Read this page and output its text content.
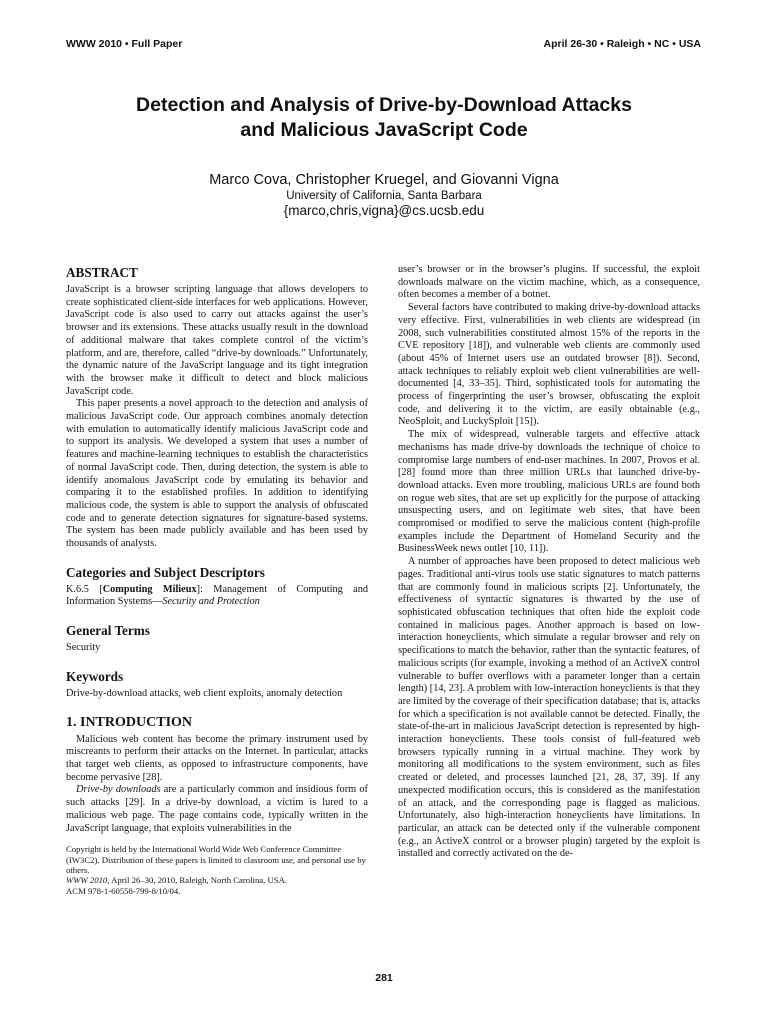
WWW 2010 • Full Paper	April 26-30 • Raleigh • NC • USA
Detection and Analysis of Drive-by-Download Attacks
and Malicious JavaScript Code
Marco Cova, Christopher Kruegel, and Giovanni Vigna
University of California, Santa Barbara
{marco,chris,vigna}@cs.ucsb.edu
ABSTRACT

JavaScript is a browser scripting language that allows developers to create sophisticated client-side interfaces for web applications. However, JavaScript code is also used to carry out attacks against the user’s browser and its extensions. These attacks usually result in the download of additional malware that takes complete control of the victim’s platform, and are, therefore, called “drive-by downloads.” Unfortunately, the dynamic nature of the JavaScript language and its tight integration with the browser make it difficult to detect and block malicious JavaScript code.

This paper presents a novel approach to the detection and analysis of malicious JavaScript code. Our approach combines anomaly detection with emulation to automatically identify malicious JavaScript code and to support its analysis. We developed a system that uses a number of features and machine-learning techniques to establish the characteristics of normal JavaScript code. Then, during detection, the system is able to identify anomalous JavaScript code by emulating its behavior and comparing it to the established profiles. In addition to identifying malicious code, the system is able to support the analysis of obfuscated code and to generate detection signatures for signature-based systems. The system has been made publicly available and has been used by thousands of analysts.

Categories and Subject Descriptors

K.6.5 [Computing Milieux]: Management of Computing and Information Systems—Security and Protection

General Terms

Security

Keywords

Drive-by-download attacks, web client exploits, anomaly detection

1. INTRODUCTION

Malicious web content has become the primary instrument used by miscreants to perform their attacks on the Internet. In particular, attacks that target web clients, as opposed to infrastructure components, have become pervasive [28].

Drive-by downloads are a particularly common and insidious form of such attacks [29]. In a drive-by download, a victim is lured to a malicious web page. The page contains code, typically written in the JavaScript language, that exploits vulnerabilities in the

Copyright is held by the International World Wide Web Conference Committee (IW3C2). Distribution of these papers is limited to classroom use, and personal use by others.
WWW 2010, April 26–30, 2010, Raleigh, North Carolina, USA.
ACM 978-1-60558-799-8/10/04.

user’s browser or in the browser’s plugins. If successful, the exploit downloads malware on the victim machine, which, as a consequence, often becomes a member of a botnet.

Several factors have contributed to making drive-by-download attacks very effective. First, vulnerabilities in web clients are widespread (in 2008, such vulnerabilities constituted almost 15% of the reports in the CVE repository [18]), and vulnerable web clients are commonly used (about 45% of Internet users use an outdated browser [8]). Second, attack techniques to reliably exploit web client vulnerabilities are well-documented [4, 33–35]. Third, sophisticated tools for automating the process of fingerprinting the user’s browser, obfuscating the exploit code, and delivering it to the victim, are easily obtainable (e.g., NeoSploit, and LuckySploit [15]).

The mix of widespread, vulnerable targets and effective attack mechanisms has made drive-by downloads the technique of choice to compromise large numbers of end-user machines. In 2007, Provos et al. [28] found more than three million URLs that launched drive-by-download attacks. Even more troubling, malicious URLs are found both on rogue web sites, that are set up explicitly for the purpose of attacking unsuspecting users, and on legitimate web sites, that have been compromised or modified to serve the malicious content (high-profile examples include the Department of Homeland Security and the BusinessWeek news outlet [10, 11]).

A number of approaches have been proposed to detect malicious web pages. Traditional anti-virus tools use static signatures to match patterns that are commonly found in malicious scripts [2]. Unfortunately, the effectiveness of syntactic signatures is thwarted by the use of sophisticated obfuscation techniques that often hide the exploit code contained in malicious pages. Another approach is based on low-interaction honeyclients, which simulate a regular browser and rely on specifications to match the behavior, rather than the syntactic features, of malicious scripts (for example, invoking a method of an ActiveX control vulnerable to buffer overflows with a parameter longer than a certain length) [14, 23]. A problem with low-interaction honeyclients is that they are limited by the coverage of their specification database; that is, attacks for which a specification is not available cannot be detected. Finally, the state-of-the-art in malicious JavaScript detection is represented by high-interaction honeyclients. These tools consist of full-featured web browsers typically running in a virtual machine. They work by monitoring all modifications to the system environment, such as files created or deleted, and processes launched [21, 28, 37, 39]. If any unexpected modification occurs, this is considered as the manifestation of an attack, and the corresponding page is flagged as malicious. Unfortunately, also high-interaction honeyclients have limitations. In particular, an attack can be detected only if the vulnerable component (e.g., an ActiveX control or a browser plugin) targeted by the exploit is installed and correctly activated on the de-

281
